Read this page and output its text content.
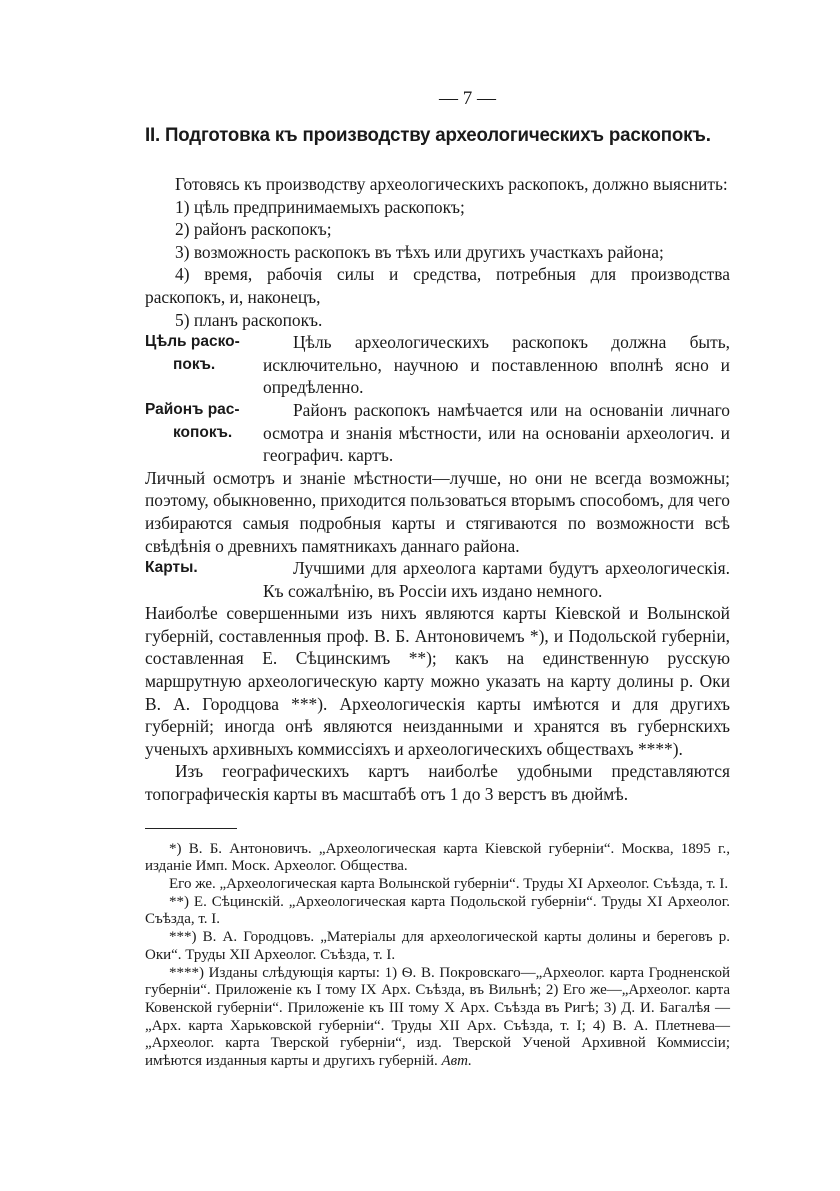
— 7 —
II. Подготовка къ производству археологическихъ раскопокъ.

Готовясь къ производству археологическихъ раскопокъ, должно выяснить:

1) цѣль предпринимаемыхъ раскопокъ;

2) районъ раскопокъ;

3) возможность раскопокъ въ тѣхъ или другихъ участкахъ района;

4) время, рабочія силы и средства, потребныя для производства раскопокъ, и, наконецъ,

5) планъ раскопокъ.

Цѣль раско-
покъ.

Цѣль археологическихъ раскопокъ должна быть, исключительно, научною и поставленною вполнѣ ясно и опредѣленно.

Районъ рас-
копокъ.

Районъ раскопокъ намѣчается или на основаніи личнаго осмотра и знанія мѣстности, или на основаніи археологич. и географич. картъ.

Личный осмотръ и знаніе мѣстности—лучше, но они не всегда возможны; поэтому, обыкновенно, приходится пользоваться вторымъ способомъ, для чего избираются самыя подробныя карты и стягиваются по возможности всѣ свѣдѣнія о древнихъ памятникахъ даннаго района.

Карты.	Лучшими для археолога картами будутъ археологическія. Къ сожалѣнію, въ Россіи ихъ издано немного.

Наиболѣе совершенными изъ нихъ являются карты Кіевской и Волынской губерній, составленныя проф. В. Б. Антоновичемъ *), и Подольской губерніи, составленная Е. Сѣцинскимъ **); какъ на единственную русскую маршрутную археологическую карту можно указать на карту долины р. Оки В. А. Городцова ***). Археологическія карты имѣются и для другихъ губерній; иногда онѣ являются неизданными и хранятся въ губернскихъ ученыхъ архивныхъ коммиссіяхъ и археологическихъ обществахъ ****).

Изъ географическихъ картъ наиболѣе удобными представляются топографическія карты въ масштабѣ отъ 1 до 3 верстъ въ дюймѣ.

*) В. Б. Антоновичъ. „Археологическая карта Кіевской губерніи“. Москва, 1895 г., изданіе Имп. Моск. Археолог. Общества.

Его же. „Археологическая карта Волынской губерніи“. Труды XI Археолог. Съѣзда, т. I.

**) Е. Сѣцинскій. „Археологическая карта Подольской губерніи“. Труды XI Археолог. Съѣзда, т. I.

***) В. А. Городцовъ. „Матеріалы для археологической карты долины и береговъ р. Оки“. Труды XII Археолог. Съѣзда, т. I.

****) Изданы слѣдующія карты: 1) Ѳ. В. Покровскаго—„Археолог. карта Гродненской губерніи“. Приложеніе къ I тому IX Арх. Съѣзда, въ Вильнѣ; 2) Его же—„Археолог. карта Ковенской губерніи“. Приложеніе къ III тому X Арх. Съѣзда въ Ригѣ; 3) Д. И. Багалѣя —„Арх. карта Харьковской губерніи“. Труды XII Арх. Съѣзда, т. I; 4) В. А. Плетнева—„Археолог. карта Тверской губерніи“, изд. Тверской Ученой Архивной Коммиссіи; имѣются изданныя карты и другихъ губерній. Авт.
